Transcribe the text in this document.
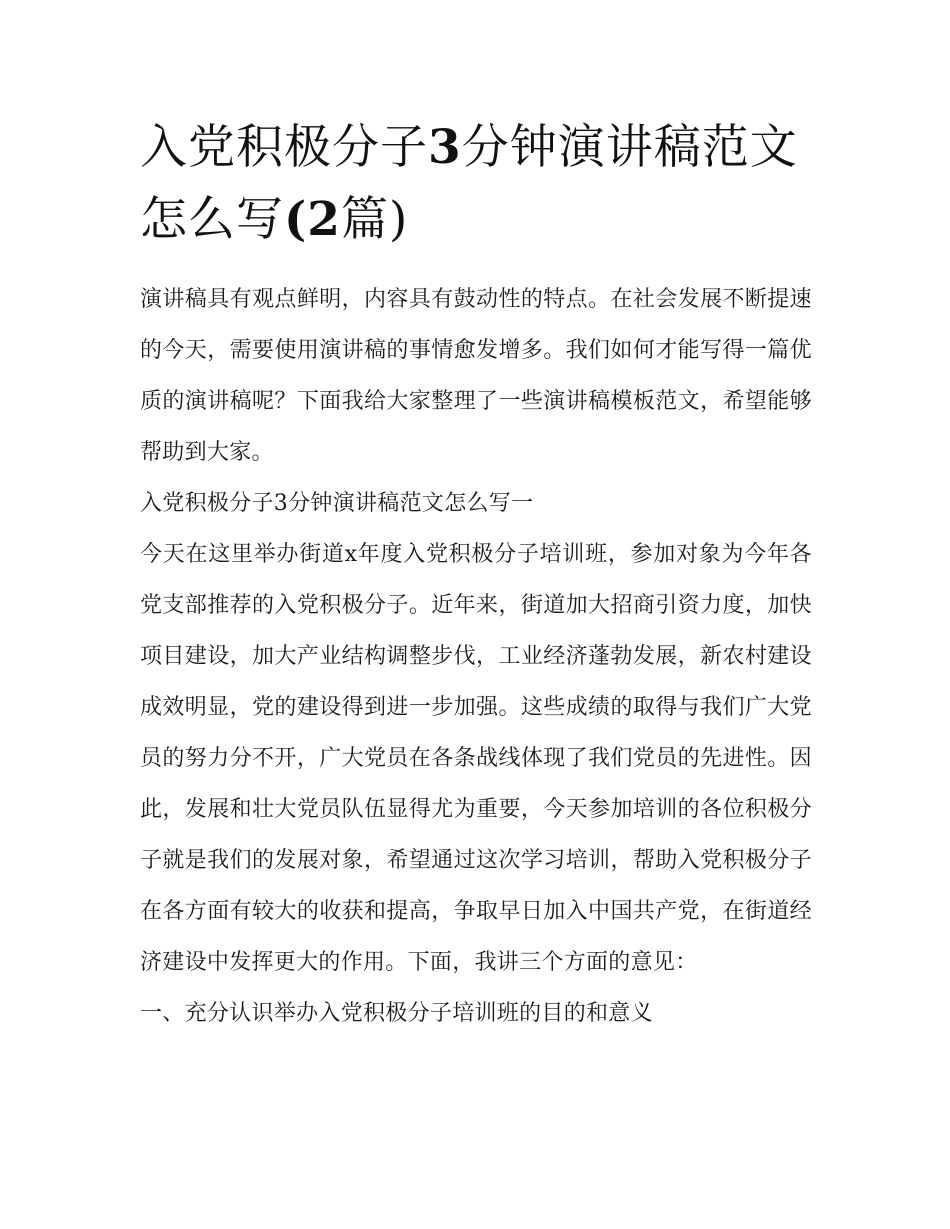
入党积极分子3分钟演讲稿范文怎么写(2篇)

演讲稿具有观点鲜明，内容具有鼓动性的特点。在社会发展不断提速的今天，需要使用演讲稿的事情愈发增多。我们如何才能写得一篇优质的演讲稿呢？下面我给大家整理了一些演讲稿模板范文，希望能够帮助到大家。

入党积极分子3分钟演讲稿范文怎么写一

今天在这里举办街道x年度入党积极分子培训班，参加对象为今年各党支部推荐的入党积极分子。近年来，街道加大招商引资力度，加快项目建设，加大产业结构调整步伐，工业经济蓬勃发展，新农村建设成效明显，党的建设得到进一步加强。这些成绩的取得与我们广大党员的努力分不开，广大党员在各条战线体现了我们党员的先进性。因此，发展和壮大党员队伍显得尤为重要，今天参加培训的各位积极分子就是我们的发展对象，希望通过这次学习培训，帮助入党积极分子在各方面有较大的收获和提高，争取早日加入中国共产党，在街道经济建设中发挥更大的作用。下面，我讲三个方面的意见：

一、充分认识举办入党积极分子培训班的目的和意义
